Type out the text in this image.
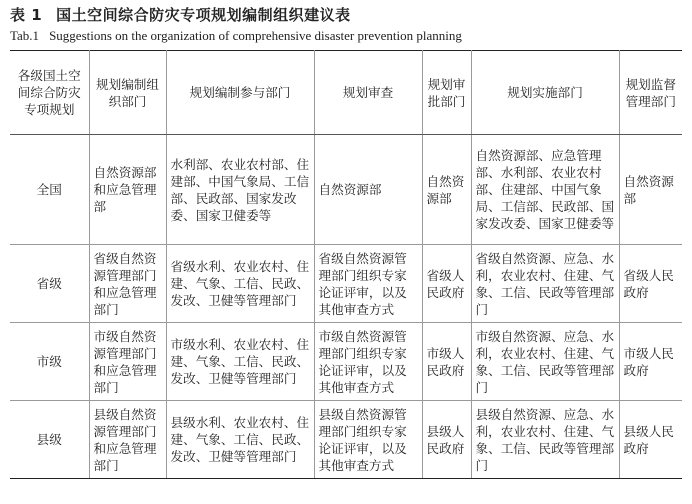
表 1 国土空间综合防灾专项规划编制组织建议表
Tab.1 Suggestions on the organization of comprehensive disaster prevention planning
各级国土空间综合防灾专项规划	规划编制组织部门	规划编制参与部门	规划审查	规划审批部门	规划实施部门	规划监督管理部门
全国	自然资源部和应急管理部	水利部、农业农村部、住建部、中国气象局、工信部、民政部、国家发改委、国家卫健委等	自然资源部	自然资源部	自然资源部、应急管理部、水利部、农业农村部、住建部、中国气象局、工信部、民政部、国家发改委、国家卫健委等	自然资源部
省级	省级自然资源管理部门和应急管理部门	省级水利、农业农村、住建、气象、工信、民政、发改、卫健等管理部门	省级自然资源管理部门组织专家论证评审，以及其他审查方式	省级人民政府	省级自然资源、应急、水利，农业农村、住建、气象、工信、民政等管理部门	省级人民政府
市级	市级自然资源管理部门和应急管理部门	市级水利、农业农村、住建、气象、工信、民政、发改、卫健等管理部门	市级自然资源管理部门组织专家论证评审，以及其他审查方式	市级人民政府	市级自然资源、应急、水利，农业农村、住建、气象、工信、民政等管理部门	市级人民政府
县级	县级自然资源管理部门和应急管理部门	县级水利、农业农村、住建、气象、工信、民政、发改、卫健等管理部门	县级自然资源管理部门组织专家论证评审，以及其他审查方式	县级人民政府	县级自然资源、应急、水利，农业农村、住建、气象、工信、民政等管理部门	县级人民政府
